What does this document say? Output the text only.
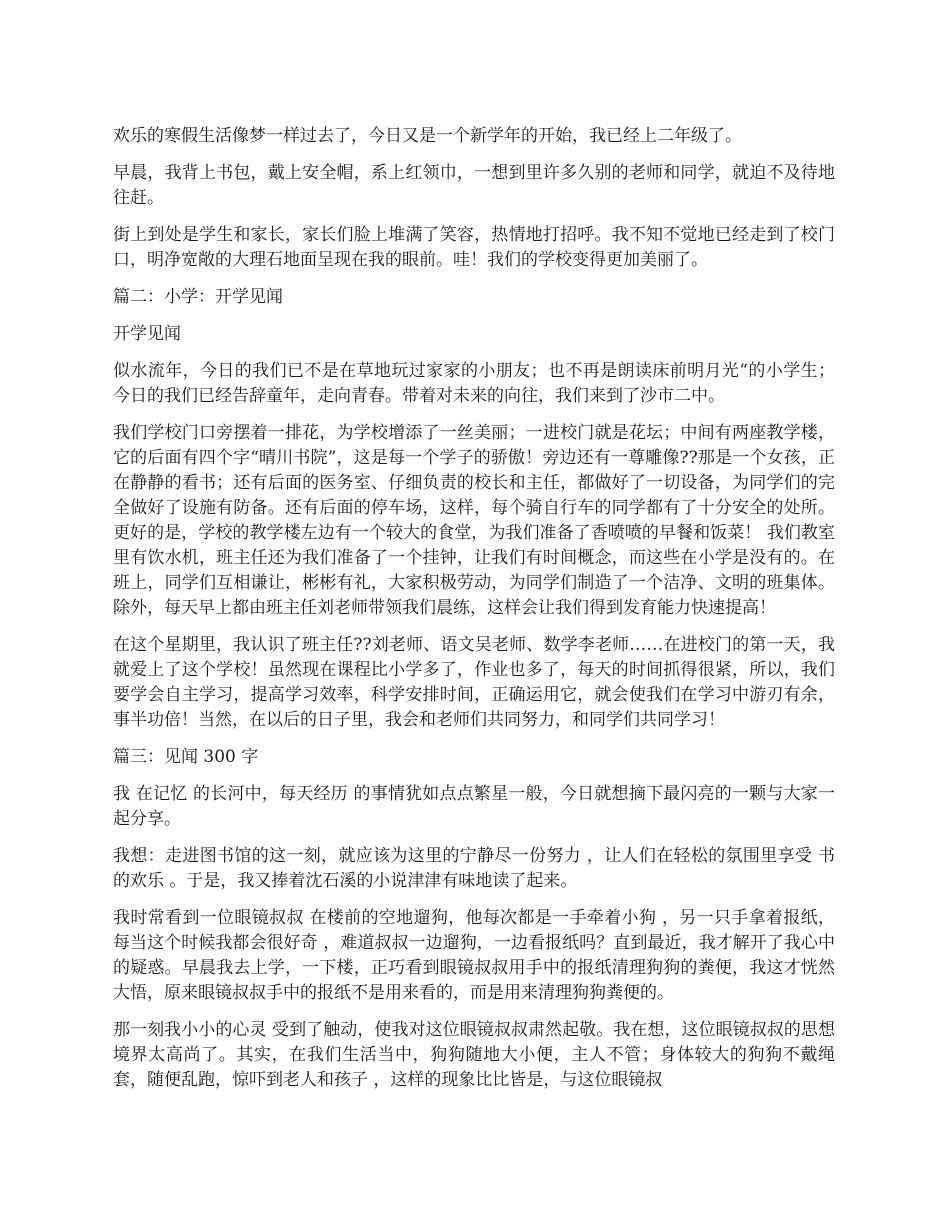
欢乐的寒假生活像梦一样过去了，今日又是一个新学年的开始，我已经上二年级了。

早晨，我背上书包，戴上安全帽，系上红领巾，一想到里许多久别的老师和同学，就迫不及待地往赶。

街上到处是学生和家长，家长们脸上堆满了笑容，热情地打招呼。我不知不觉地已经走到了校门口，明净宽敞的大理石地面呈现在我的眼前。哇！我们的学校变得更加美丽了。

篇二：小学：开学见闻

开学见闻

似水流年，今日的我们已不是在草地玩过家家的小朋友；也不再是朗读床前明月光“的小学生；今日的我们已经告辞童年，走向青春。带着对未来的向往，我们来到了沙市二中。

我们学校门口旁摆着一排花，为学校增添了一丝美丽；一进校门就是花坛；中间有两座教学楼，它的后面有四个字“晴川书院”，这是每一个学子的骄傲！旁边还有一尊雕像??那是一个女孩，正在静静的看书；还有后面的医务室、仔细负责的校长和主任，都做好了一切设备，为同学们的完全做好了设施有防备。还有后面的停车场，这样，每个骑自行车的同学都有了十分安全的处所。更好的是，学校的教学楼左边有一个较大的食堂，为我们准备了香喷喷的早餐和饭菜！ 我们教室里有饮水机，班主任还为我们准备了一个挂钟，让我们有时间概念，而这些在小学是没有的。在班上，同学们互相谦让，彬彬有礼，大家积极劳动，为同学们制造了一个洁净、文明的班集体。除外，每天早上都由班主任刘老师带领我们晨练，这样会让我们得到发育能力快速提高！

在这个星期里，我认识了班主任??刘老师、语文吴老师、数学李老师……在进校门的第一天，我就爱上了这个学校！虽然现在课程比小学多了，作业也多了，每天的时间抓得很紧，所以，我们要学会自主学习，提高学习效率，科学安排时间，正确运用它，就会使我们在学习中游刃有余，事半功倍！当然，在以后的日子里，我会和老师们共同努力，和同学们共同学习！

篇三：见闻 300 字

我 在记忆 的长河中，每天经历 的事情犹如点点繁星一般，今日就想摘下最闪亮的一颗与大家一起分享。

我想：走进图书馆的这一刻，就应该为这里的宁静尽一份努力 ，让人们在轻松的氛围里享受 书的欢乐 。于是，我又捧着沈石溪的小说津津有味地读了起来。

我时常看到一位眼镜叔叔 在楼前的空地遛狗，他每次都是一手牵着小狗 ，另一只手拿着报纸，每当这个时候我都会很好奇 ，难道叔叔一边遛狗，一边看报纸吗？直到最近，我才解开了我心中的疑惑。早晨我去上学，一下楼，正巧看到眼镜叔叔用手中的报纸清理狗狗的粪便，我这才恍然大悟，原来眼镜叔叔手中的报纸不是用来看的，而是用来清理狗狗粪便的。

那一刻我小小的心灵 受到了触动，使我对这位眼镜叔叔肃然起敬。我在想，这位眼镜叔叔的思想境界太高尚了。其实，在我们生活当中，狗狗随地大小便，主人不管；身体较大的狗狗不戴绳套，随便乱跑，惊吓到老人和孩子 ，这样的现象比比皆是，与这位眼镜叔
